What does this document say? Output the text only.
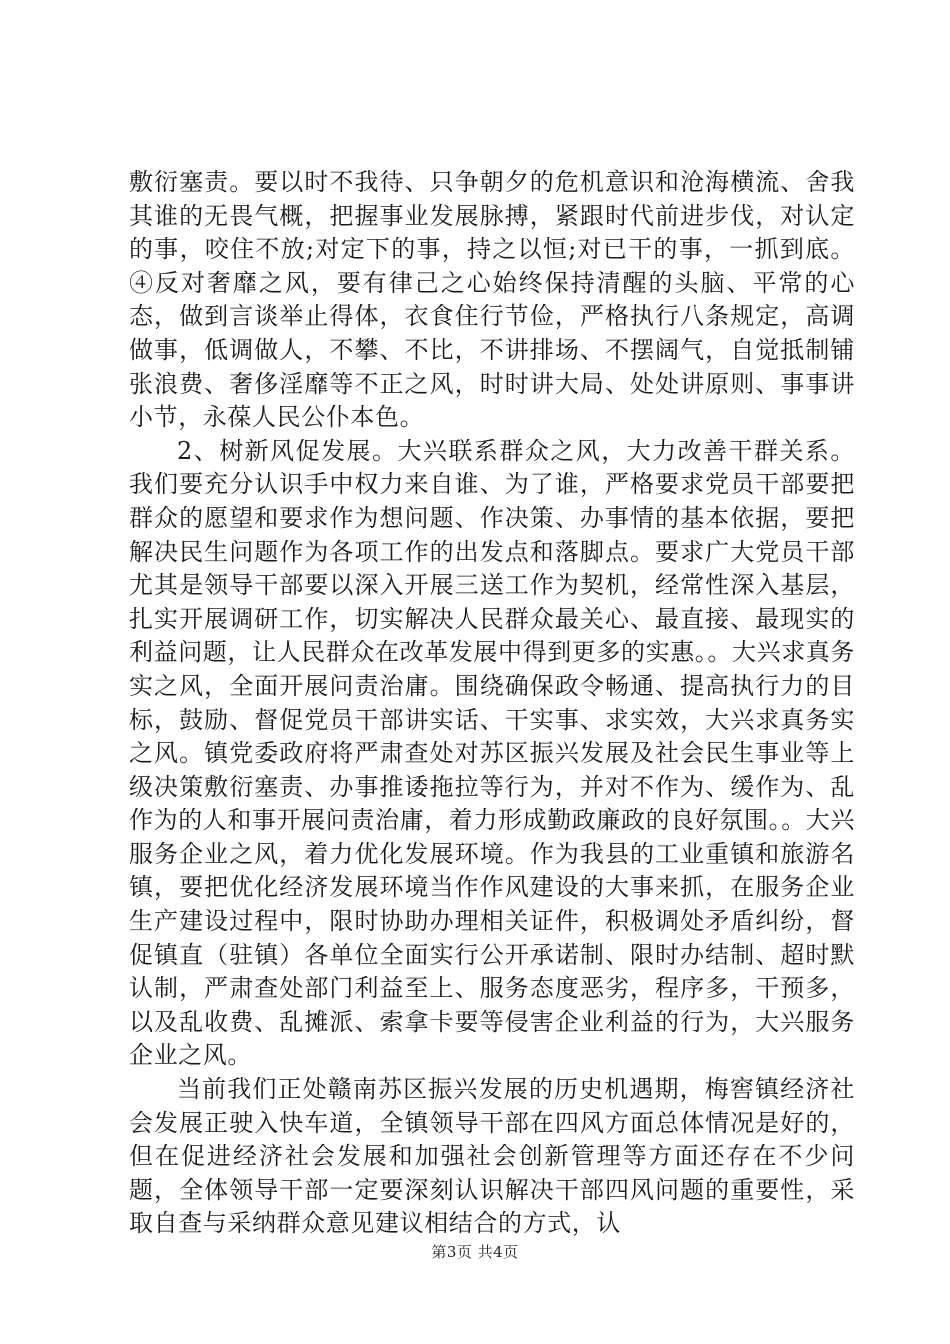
敷衍塞责。要以时不我待、只争朝夕的危机意识和沧海横流、舍我其谁的无畏气概，把握事业发展脉搏，紧跟时代前进步伐，对认定的事，咬住不放;对定下的事，持之以恒;对已干的事，一抓到底。④反对奢靡之风，要有律己之心始终保持清醒的头脑、平常的心态，做到言谈举止得体，衣食住行节俭，严格执行八条规定，高调做事，低调做人，不攀、不比，不讲排场、不摆阔气，自觉抵制铺张浪费、奢侈淫靡等不正之风，时时讲大局、处处讲原则、事事讲小节，永葆人民公仆本色。

2、树新风促发展。大兴联系群众之风，大力改善干群关系。我们要充分认识手中权力来自谁、为了谁，严格要求党员干部要把群众的愿望和要求作为想问题、作决策、办事情的基本依据，要把解决民生问题作为各项工作的出发点和落脚点。要求广大党员干部尤其是领导干部要以深入开展三送工作为契机，经常性深入基层，扎实开展调研工作，切实解决人民群众最关心、最直接、最现实的利益问题，让人民群众在改革发展中得到更多的实惠。。大兴求真务实之风，全面开展问责治庸。围绕确保政令畅通、提高执行力的目标，鼓励、督促党员干部讲实话、干实事、求实效，大兴求真务实之风。镇党委政府将严肃查处对苏区振兴发展及社会民生事业等上级决策敷衍塞责、办事推诿拖拉等行为，并对不作为、缓作为、乱作为的人和事开展问责治庸，着力形成勤政廉政的良好氛围。。大兴服务企业之风，着力优化发展环境。作为我县的工业重镇和旅游名镇，要把优化经济发展环境当作作风建设的大事来抓，在服务企业生产建设过程中，限时协助办理相关证件，积极调处矛盾纠纷，督促镇直（驻镇）各单位全面实行公开承诺制、限时办结制、超时默认制，严肃查处部门利益至上、服务态度恶劣，程序多，干预多，以及乱收费、乱摊派、索拿卡要等侵害企业利益的行为，大兴服务企业之风。

当前我们正处赣南苏区振兴发展的历史机遇期，梅窖镇经济社会发展正驶入快车道，全镇领导干部在四风方面总体情况是好的，但在促进经济社会发展和加强社会创新管理等方面还存在不少问题，全体领导干部一定要深刻认识解决干部四风问题的重要性，采取自查与采纳群众意见建议相结合的方式，认

第3页 共4页
